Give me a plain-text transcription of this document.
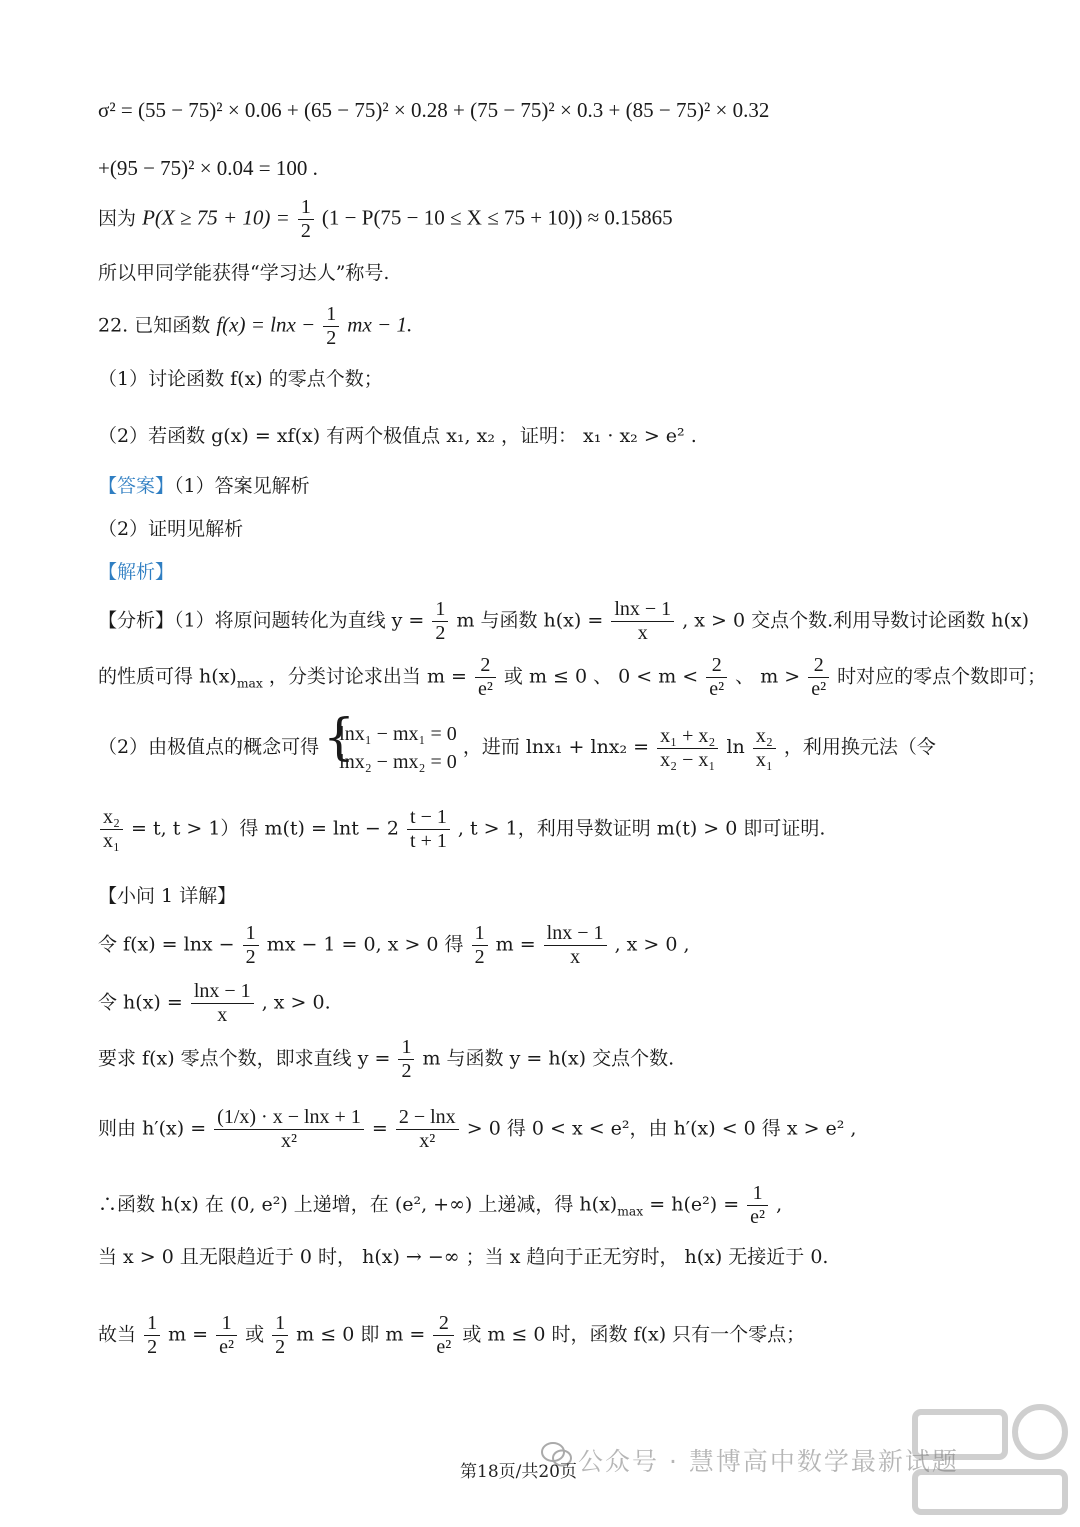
σ² = (55 − 75)² × 0.06 + (65 − 75)² × 0.28 + (75 − 75)² × 0.3 + (85 − 75)² × 0.32
+(95 − 75)² × 0.04 = 100 .
因为 $P(X \ge 75 + 10) = \frac{1}{2} (1 - P(75 - 10 \le X \le 75 + 10)) \approx 0.15865$
所以甲同学能获得“学习达人”称号.
22. 已知函数 $f(x) = \ln x - \frac{1}{2}$ mx − 1.
（1）讨论函数 f(x) 的零点个数；
（2）若函数 g(x) = xf(x) 有两个极值点 x₁, x₂ ，证明： x₁ · x₂ > e² .
【答案】（1）答案见解析
（2）证明见解析
【解析】
【分析】（1）将原问题转化为直线 $y = \frac{1}{2}$ m 与函数 $h(x) = \frac{\ln x - 1}{x}$ , x > 0 交点个数.利用导数讨论函数 h(x)
的性质可得 $h(x)_{max}$ ，分类讨论求出当 $m = \frac{2}{\text{e²}}$ 或 m ≤ 0 、 $0 < m < \frac{2}{\text{e²}}$ 、 $m > \frac{2}{\text{e²}}$ 时对应的零点个数即可；
（2）由极值点的概念可得
{ lnx₁ − mx₁ = 0
lnx₂ − mx₂ = 0
，进而 $\ln x_1 + \ln x_2 = \frac{\text{x₁ + x₂}}{\text{x₂ − x₁}}$ $\ln \frac{\text{x₂}}{\text{x₁}}$ ，利用换元法（令
$\frac{\text{x₂}}{\text{x₁}} = t$, t > 1）得 $m(t) = \ln t - 2 \frac{t - 1}{t + 1}$ , t > 1，利用导数证明 m(t) > 0 即可证明.
【小问 1 详解】
令 $f(x) = \ln x - \frac{1}{2}$ mx − 1 = 0, x > 0 得 $\frac{1}{2}$ $m = \frac{\ln x - 1}{x}$ , x > 0 ,
令 $h(x) = \frac{\ln x - 1}{x}$ , x > 0.
要求 f(x) 零点个数，即求直线 $y = \frac{1}{2}$ m 与函数 y = h(x) 交点个数.
则由 $h'(x) = \frac{(1/x) \cdot x - \ln x + 1}{\text{x²}} = \frac{2 - \ln x}{\text{x²}} > 0$ 得 0 < x < e²，由 h′(x) < 0 得 x > e² ,
∴函数 h(x) 在 (0, e²) 上递增，在 (e², +∞) 上递减，得 $h(x)_{max} = h(e^2) = \frac{1}{\text{e²}}$ ,
当 x > 0 且无限趋近于 0 时， h(x) → −∞ ；当 x 趋向于正无穷时， h(x) 无接近于 0.
故当 $\frac{1}{2}$ $m = \frac{1}{\text{e²}}$ 或 $\frac{1}{2}$ m ≤ 0 即 $m = \frac{2}{\text{e²}}$ 或 m ≤ 0 时，函数 f(x) 只有一个零点；
公众号 · 慧博高中数学最新试题
第18页/共20页
